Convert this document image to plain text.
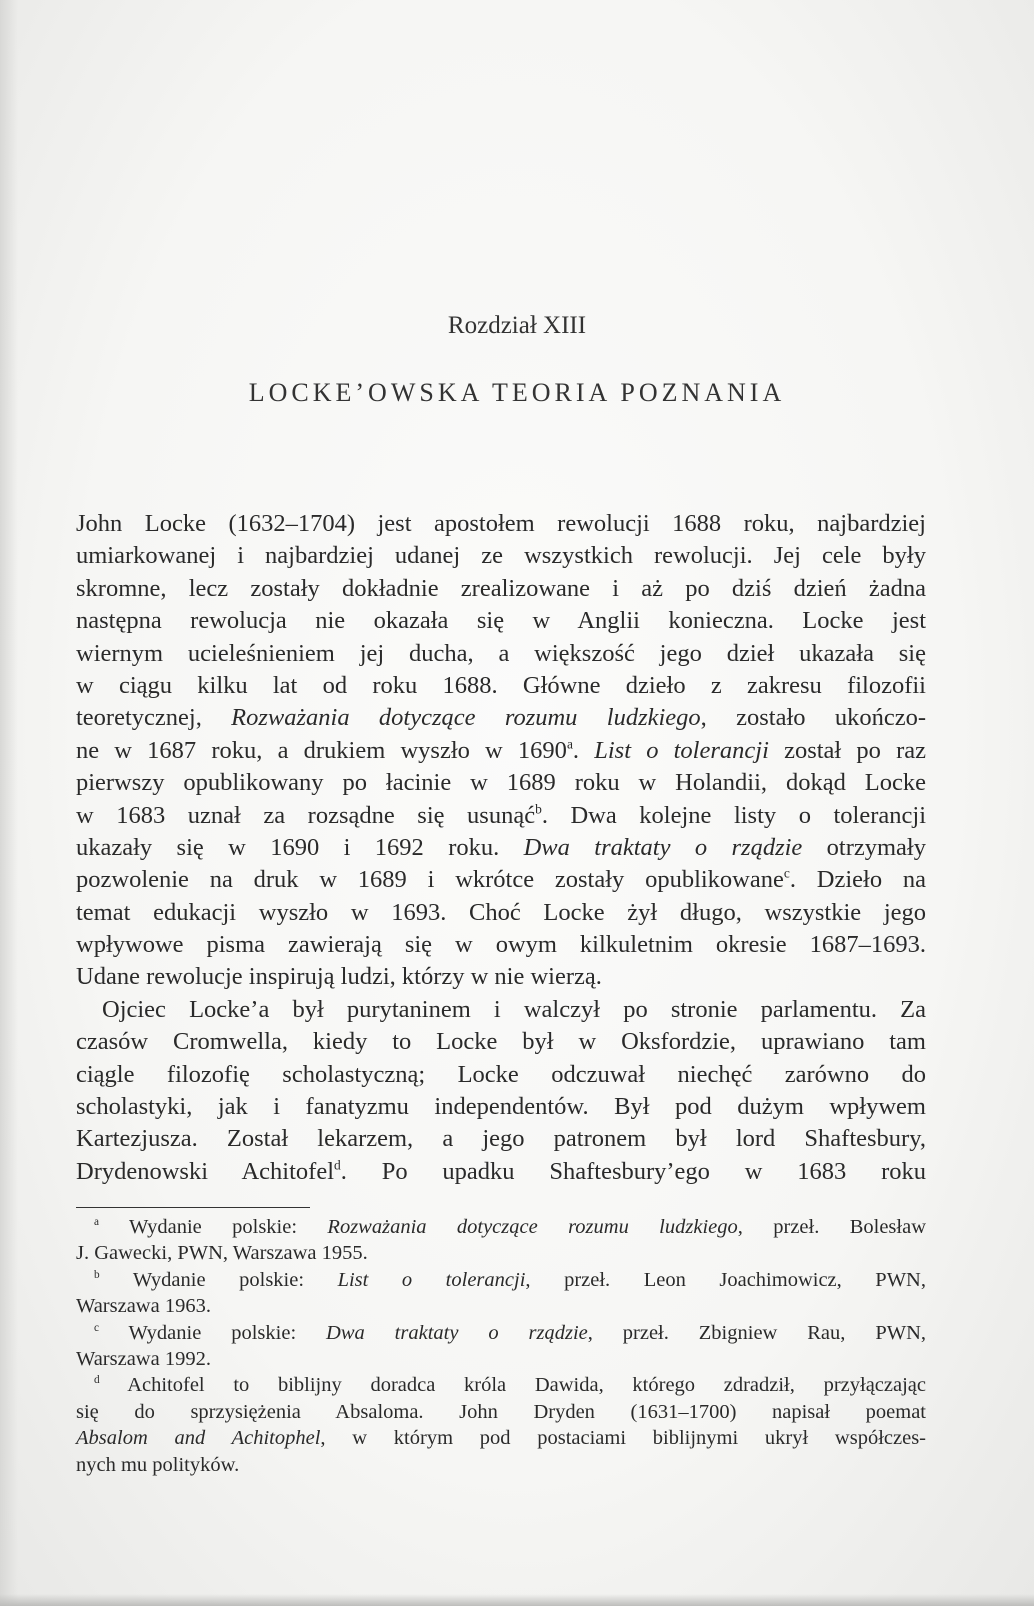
Rozdział XIII
LOCKE’OWSKA TEORIA POZNANIA
John Locke (1632–1704) jest apostołem rewolucji 1688 roku, najbardziej
umiarkowanej i najbardziej udanej ze wszystkich rewolucji. Jej cele były
skromne, lecz zostały dokładnie zrealizowane i aż po dziś dzień żadna
następna rewolucja nie okazała się w Anglii konieczna. Locke jest
wiernym ucieleśnieniem jej ducha, a większość jego dzieł ukazała się
w ciągu kilku lat od roku 1688. Główne dzieło z zakresu filozofii
teoretycznej, Rozważania dotyczące rozumu ludzkiego, zostało ukończo-
ne w 1687 roku, a drukiem wyszło w 1690$^a$. List o tolerancji został po raz
pierwszy opublikowany po łacinie w 1689 roku w Holandii, dokąd Locke
w 1683 uznał za rozsądne się usunąć$^b$. Dwa kolejne listy o tolerancji
ukazały się w 1690 i 1692 roku. Dwa traktaty o rządzie otrzymały
pozwolenie na druk w 1689 i wkrótce zostały opublikowane$^c$. Dzieło na
temat edukacji wyszło w 1693. Choć Locke żył długo, wszystkie jego
wpływowe pisma zawierają się w owym kilkuletnim okresie 1687–1693.
Udane rewolucje inspirują ludzi, którzy w nie wierzą.
Ojciec Locke’a był purytaninem i walczył po stronie parlamentu. Za
czasów Cromwella, kiedy to Locke był w Oksfordzie, uprawiano tam
ciągle filozofię scholastyczną; Locke odczuwał niechęć zarówno do
scholastyki, jak i fanatyzmu independentów. Był pod dużym wpływem
Kartezjusza. Został lekarzem, a jego patronem był lord Shaftesbury,
Drydenowski Achitofel$^d$. Po upadku Shaftesbury’ego w 1683 roku
$^a$ Wydanie polskie: Rozważania dotyczące rozumu ludzkiego, przeł. Bolesław
J. Gawecki, PWN, Warszawa 1955.
$^b$ Wydanie polskie: List o tolerancji, przeł. Leon Joachimowicz, PWN,
Warszawa 1963.
$^c$ Wydanie polskie: Dwa traktaty o rządzie, przeł. Zbigniew Rau, PWN,
Warszawa 1992.
$^d$ Achitofel to biblijny doradca króla Dawida, którego zdradził, przyłączając
się do sprzysiężenia Absaloma. John Dryden (1631–1700) napisał poemat
Absalom and Achitophel, w którym pod postaciami biblijnymi ukrył współczes-
nych mu polityków.
